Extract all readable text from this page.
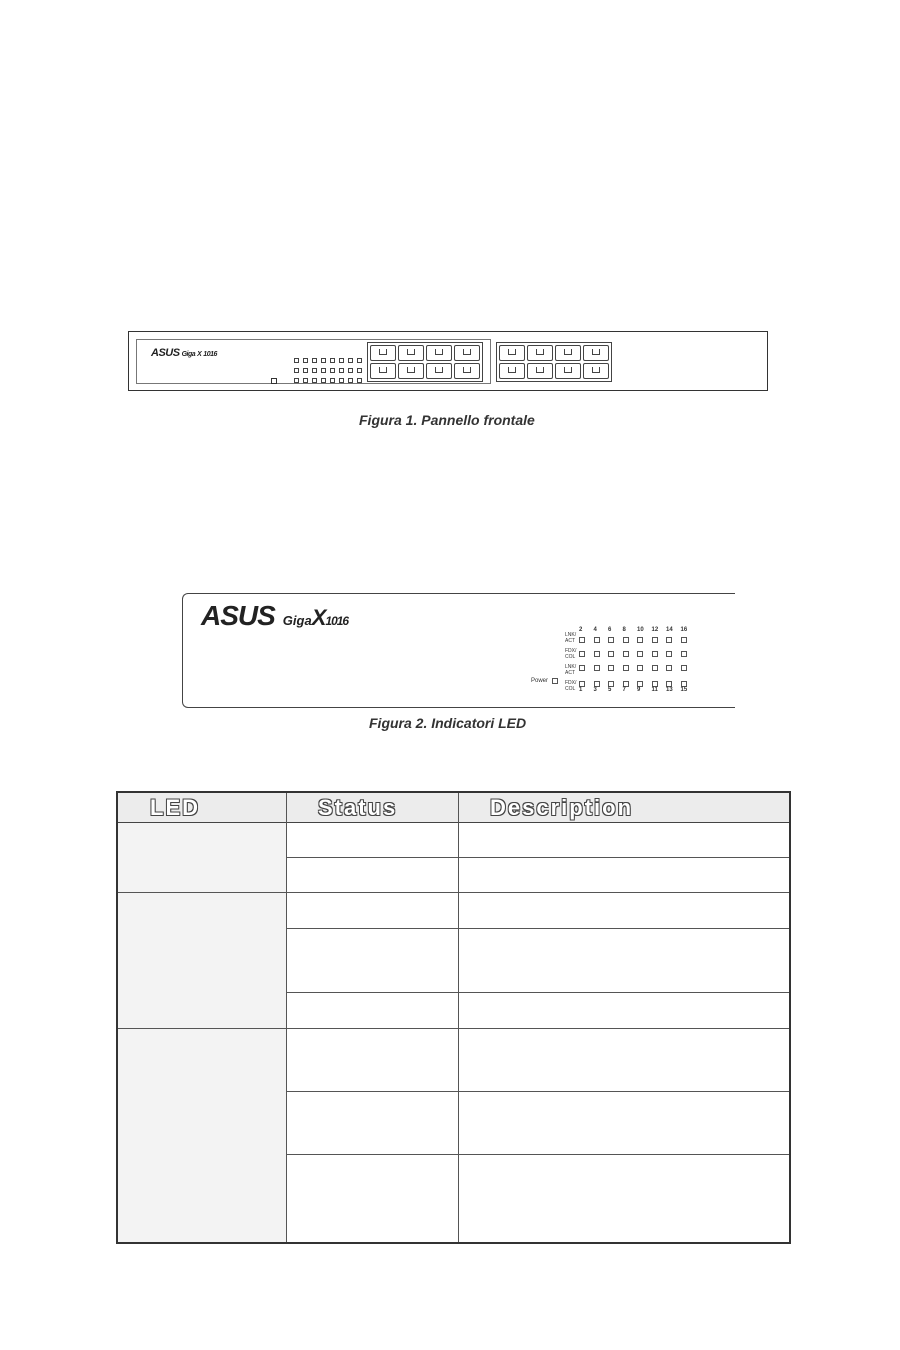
ASUS Giga X 1016
Figura 1. Pannello frontale
ASUS GigaX1016
Power
LNK/ ACT
FDX/ COL
LNK/ ACT
FDX/ COL
2
1
4
3
6
5
8
7
10
9
12
11
14
13
16
15
Figura 2. Indicatori LED
LED	Status	Description
